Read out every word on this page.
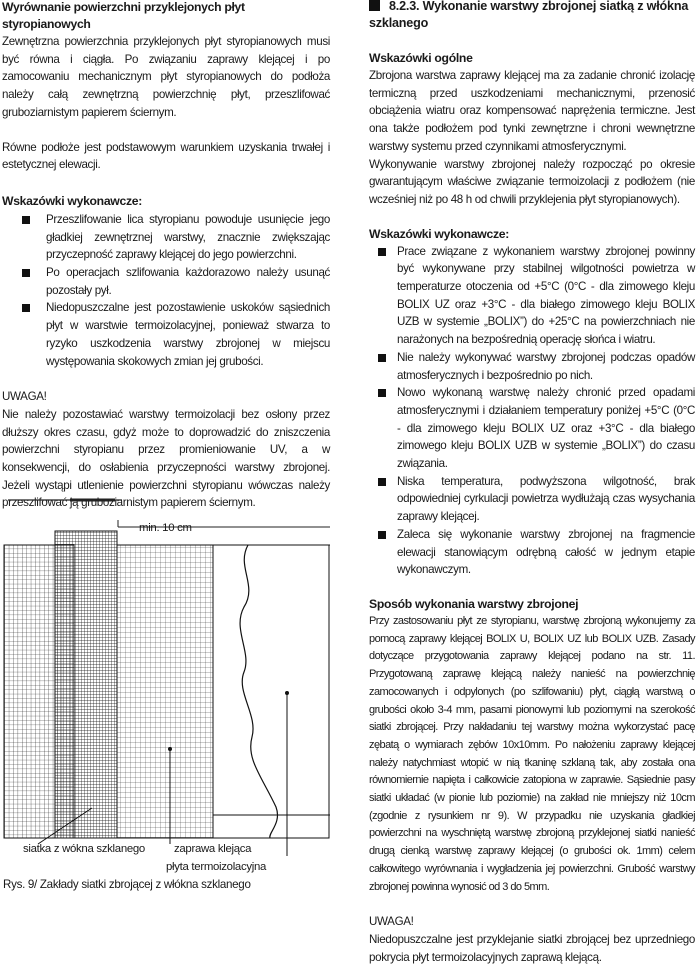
Wyrównanie powierzchni przyklejonych płyt styropianowych

Zewnętrzna powierzchnia przyklejonych płyt styropianowych musi być równa i ciągła. Po związaniu zaprawy klejącej i po zamocowaniu mechanicznym płyt styropianowych do podłoża należy całą zewnętrzną powierzchnię płyt, przeszlifować gruboziarnistym papierem ściernym.

Równe podłoże jest podstawowym warunkiem uzyskania trwałej i estetycznej elewacji.

Wskazówki wykonawcze:
Przeszlifowanie lica styropianu powoduje usunięcie jego gładkiej zewnętrznej warstwy, znacznie zwiększając przyczepność zaprawy klejącej do jego powierzchni.
Po operacjach szlifowania każdorazowo należy usunąć pozostały pył.
Niedopuszczalne jest pozostawienie uskoków sąsiednich płyt w warstwie termoizolacyjnej, ponieważ stwarza to ryzyko uszkodzenia warstwy zbrojonej w miejscu występowania skokowych zmian jej grubości.

UWAGA!

Nie należy pozostawiać warstwy termoizolacji bez osłony przez dłuższy okres czasu, gdyż może to doprowadzić do zniszczenia powierzchni styropianu przez promieniowanie UV, a w konsekwencji, do osłabienia przyczepności warstwy zbrojonej. Jeżeli wystąpi utlenienie powierzchni styropianu wówczas należy przeszlifować ją gruboziarnistym papierem ściernym.

min. 10 cm
siatka z wókna szklanego	zaprawa klejąca
płyta termoizolacyjna
Rys. 9/ Zakłady siatki zbrojącej z włókna szklanego
8.2.3. Wykonanie warstwy zbrojonej siatką z włókna szklanego
Wskazówki ogólne

Zbrojona warstwa zaprawy klejącej ma za zadanie chronić izolację termiczną przed uszkodzeniami mechanicznymi, przenosić obciążenia wiatru oraz kompensować naprężenia termiczne. Jest ona także podłożem pod tynki zewnętrzne i chroni wewnętrzne warstwy systemu przed czynnikami atmosferycznymi.

Wykonywanie warstwy zbrojonej należy rozpocząć po okresie gwarantującym właściwe związanie termoizolacji z podłożem (nie wcześniej niż po 48 h od chwili przyklejenia płyt styropianowych).

Wskazówki wykonawcze:
Prace związane z wykonaniem warstwy zbrojonej powinny być wykonywane przy stabilnej wilgotności powietrza w temperaturze otoczenia od +5°C (0°C - dla zimowego kleju BOLIX UZ oraz +3°C - dla białego zimowego kleju BOLIX UZB w systemie „BOLIX”) do +25°C na powierzchniach nie narażonych na bezpośrednią operację słońca i wiatru.
Nie należy wykonywać warstwy zbrojonej podczas opadów atmosferycznych i bezpośrednio po nich.
Nowo wykonaną warstwę należy chronić przed opadami atmosferycznymi i działaniem temperatury poniżej +5°C (0°C - dla zimowego kleju BOLIX UZ oraz +3°C - dla białego zimowego kleju BOLIX UZB w systemie „BOLIX”) do czasu związania.
Niska temperatura, podwyższona wilgotność, brak odpowiedniej cyrkulacji powietrza wydłużają czas wysychania zaprawy klejącej.
Zaleca się wykonanie warstwy zbrojonej na fragmencie elewacji stanowiącym odrębną całość w jednym etapie wykonawczym.
Sposób wykonania warstwy zbrojonej

Przy zastosowaniu płyt ze styropianu, warstwę zbrojoną wykonujemy za pomocą zaprawy klejącej BOLIX U, BOLIX UZ lub BOLIX UZB. Zasady dotyczące przygotowania zaprawy klejącej podano na str. 11. Przygotowaną zaprawę klejącą należy nanieść na powierzchnię zamocowanych i odpylonych (po szlifowaniu) płyt, ciągłą warstwą o grubości około 3-4 mm, pasami pionowymi lub poziomymi na szerokość siatki zbrojącej. Przy nakładaniu tej warstwy można wykorzystać pacę zębatą o wymiarach zębów 10x10mm. Po nałożeniu zaprawy klejącej należy natychmiast wtopić w nią tkaninę szklaną tak, aby została ona równomiernie napięta i całkowicie zatopiona w zaprawie. Sąsiednie pasy siatki układać (w pionie lub poziomie) na zakład nie mniejszy niż 10cm (zgodnie z rysunkiem nr 9). W przypadku nie uzyskania gładkiej powierzchni na wyschniętą warstwę zbrojoną przyklejonej siatki nanieść drugą cienką warstwę zaprawy klejącej (o grubości ok. 1mm) celem całkowitego wyrównania i wygładzenia jej powierzchni. Grubość warstwy zbrojonej powinna wynosić od 3 do 5mm.

UWAGA!

Niedopuszczalne jest przyklejanie siatki zbrojącej bez uprzedniego pokrycia płyt termoizolacyjnych zaprawą klejącą.
